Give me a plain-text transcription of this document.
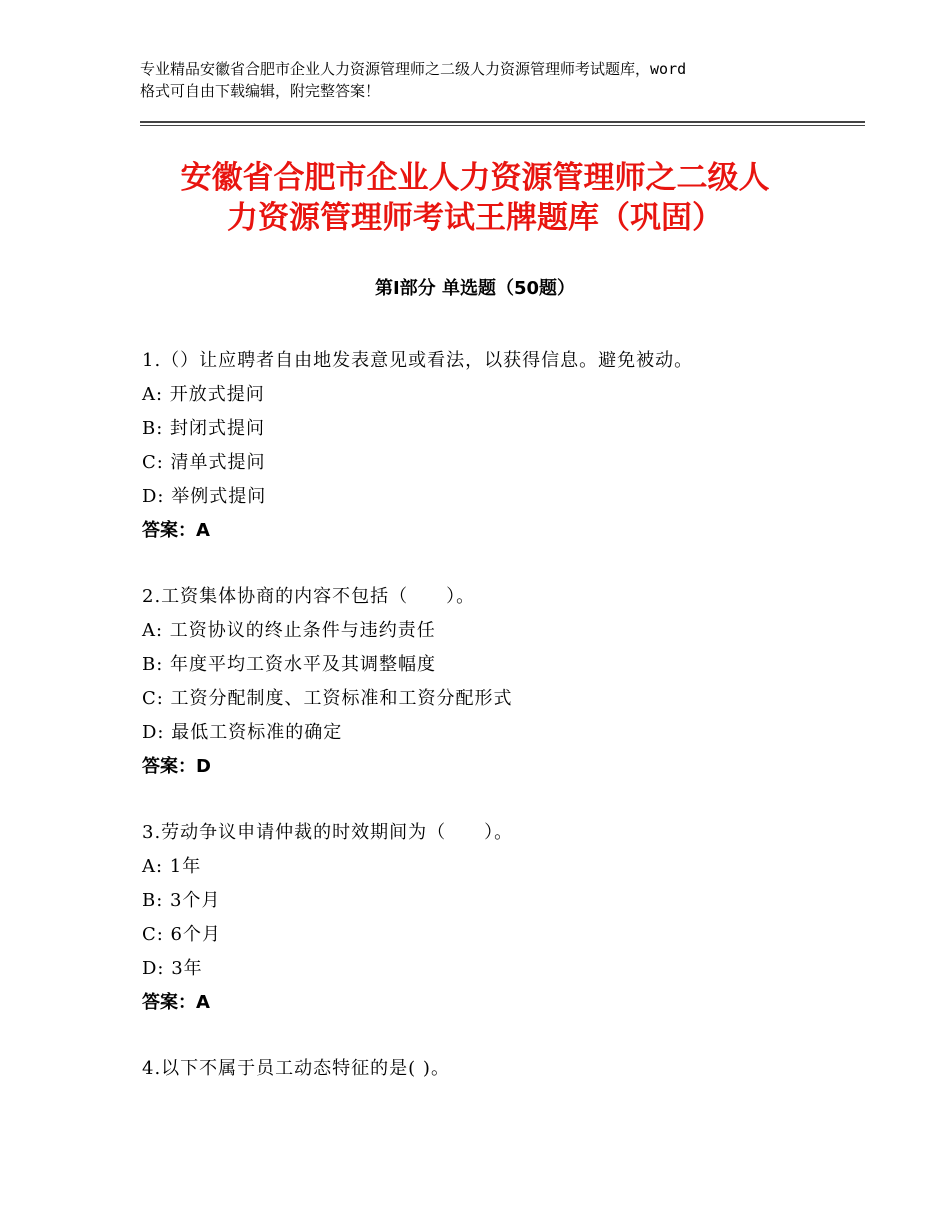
专业精品安徽省合肥市企业人力资源管理师之二级人力资源管理师考试题库，word
格式可自由下载编辑，附完整答案！
安徽省合肥市企业人力资源管理师之二级人
力资源管理师考试王牌题库（巩固）
第Ⅰ部分 单选题（50题）
1.（）让应聘者自由地发表意见或看法，以获得信息。避免被动。
A: 开放式提问
B: 封闭式提问
C: 清单式提问
D: 举例式提问
答案：A
2.工资集体协商的内容不包括（　　）。
A: 工资协议的终止条件与违约责任
B: 年度平均工资水平及其调整幅度
C: 工资分配制度、工资标准和工资分配形式
D: 最低工资标准的确定
答案：D
3.劳动争议申请仲裁的时效期间为（　　）。
A: 1年
B: 3个月
C: 6个月
D: 3年
答案：A
4.以下不属于员工动态特征的是( )。
